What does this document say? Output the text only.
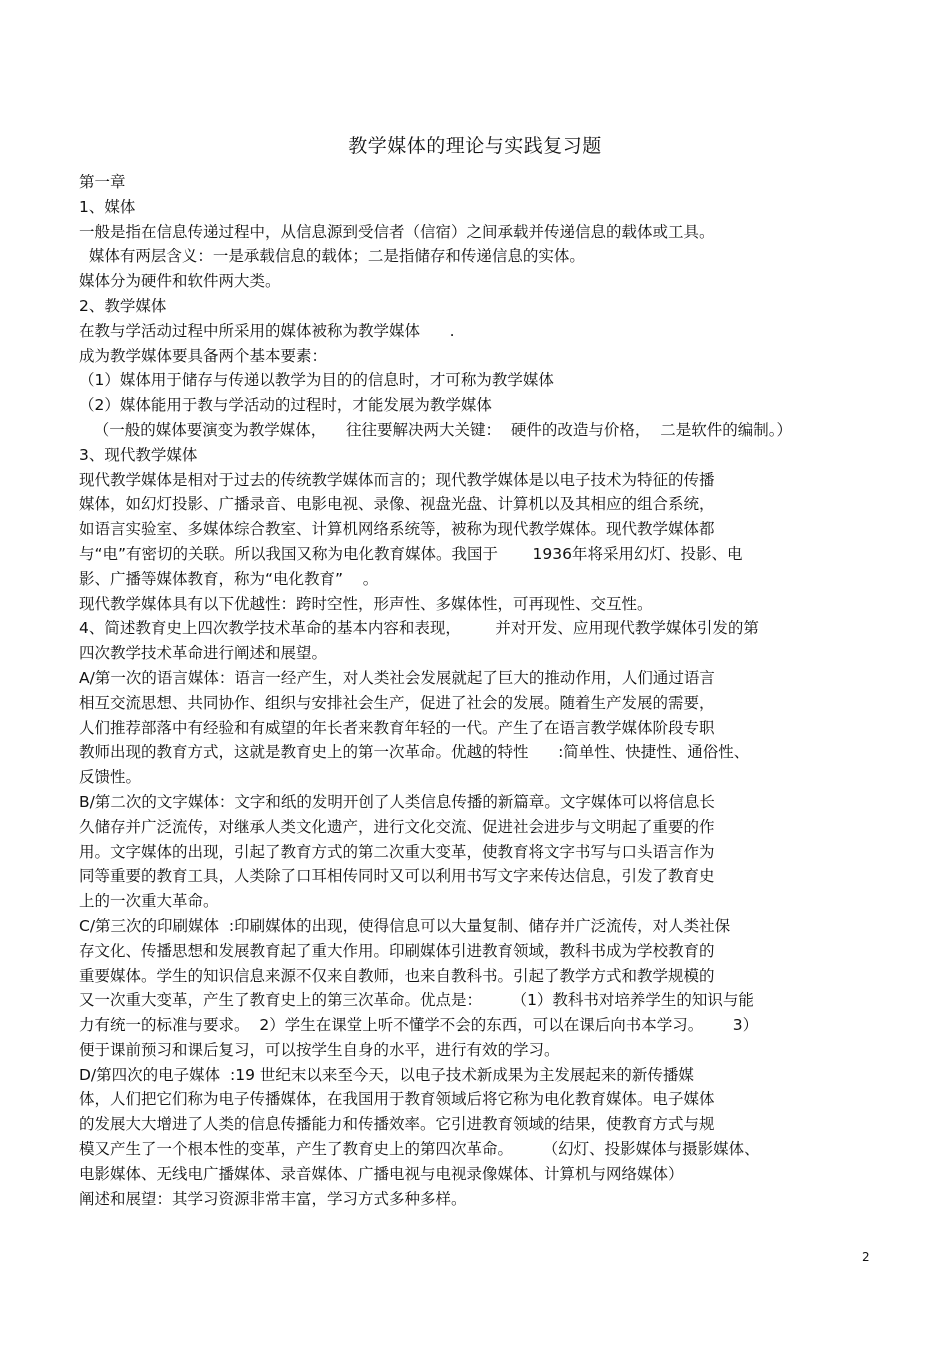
教学媒体的理论与实践复习题
第一章
1、媒体
一般是指在信息传递过程中，从信息源到受信者（信宿）之间承载并传递信息的载体或工具。
媒体有两层含义：一是承载信息的载体；二是指储存和传递信息的实体。
媒体分为硬件和软件两大类。
2、教学媒体
在教与学活动过程中所采用的媒体被称为教学媒体      .
成为教学媒体要具备两个基本要素：
（1）媒体用于储存与传递以教学为目的的信息时，才可称为教学媒体
（2）媒体能用于教与学活动的过程时，才能发展为教学媒体
（一般的媒体要演变为教学媒体，    往往要解决两大关键：  硬件的改造与价格，  二是软件的编制。）
3、现代教学媒体
现代教学媒体是相对于过去的传统教学媒体而言的；现代教学媒体是以电子技术为特征的传播
媒体，如幻灯投影、广播录音、电影电视、录像、视盘光盘、计算机以及其相应的组合系统，
如语言实验室、多媒体综合教室、计算机网络系统等，被称为现代教学媒体。现代教学媒体都
与“电”有密切的关联。所以我国又称为电化教育媒体。我国于       1936年将采用幻灯、投影、电
影、广播等媒体教育，称为“电化教育”    。
现代教学媒体具有以下优越性：跨时空性，形声性、多媒体性，可再现性、交互性。
4、简述教育史上四次教学技术革命的基本内容和表现，       并对开发、应用现代教学媒体引发的第
四次教学技术革命进行阐述和展望。
A/第一次的语言媒体：语言一经产生，对人类社会发展就起了巨大的推动作用，人们通过语言
相互交流思想、共同协作、组织与安排社会生产，促进了社会的发展。随着生产发展的需要，
人们推荐部落中有经验和有威望的年长者来教育年轻的一代。产生了在语言教学媒体阶段专职
教师出现的教育方式，这就是教育史上的第一次革命。优越的特性      :简单性、快捷性、通俗性、
反馈性。
B/第二次的文字媒体：文字和纸的发明开创了人类信息传播的新篇章。文字媒体可以将信息长
久储存并广泛流传，对继承人类文化遗产，进行文化交流、促进社会进步与文明起了重要的作
用。文字媒体的出现，引起了教育方式的第二次重大变革，使教育将文字书写与口头语言作为
同等重要的教育工具，人类除了口耳相传同时又可以利用书写文字来传达信息，引发了教育史
上的一次重大革命。
C/第三次的印刷媒体  :印刷媒体的出现，使得信息可以大量复制、储存并广泛流传，对人类社保
存文化、传播思想和发展教育起了重大作用。印刷媒体引进教育领域，教科书成为学校教育的
重要媒体。学生的知识信息来源不仅来自教师，也来自教科书。引起了教学方式和教学规模的
又一次重大变革，产生了教育史上的第三次革命。优点是：      （1）教科书对培养学生的知识与能
力有统一的标准与要求。  2）学生在课堂上听不懂学不会的东西，可以在课后向书本学习。      3）
便于课前预习和课后复习，可以按学生自身的水平，进行有效的学习。
D/第四次的电子媒体  :19 世纪末以来至今天，以电子技术新成果为主发展起来的新传播媒
体，人们把它们称为电子传播媒体，在我国用于教育领域后将它称为电化教育媒体。电子媒体
的发展大大增进了人类的信息传播能力和传播效率。它引进教育领域的结果，使教育方式与规
模又产生了一个根本性的变革，产生了教育史上的第四次革命。      （幻灯、投影媒体与摄影媒体、
电影媒体、无线电广播媒体、录音媒体、广播电视与电视录像媒体、计算机与网络媒体）
阐述和展望：其学习资源非常丰富，学习方式多种多样。
2
